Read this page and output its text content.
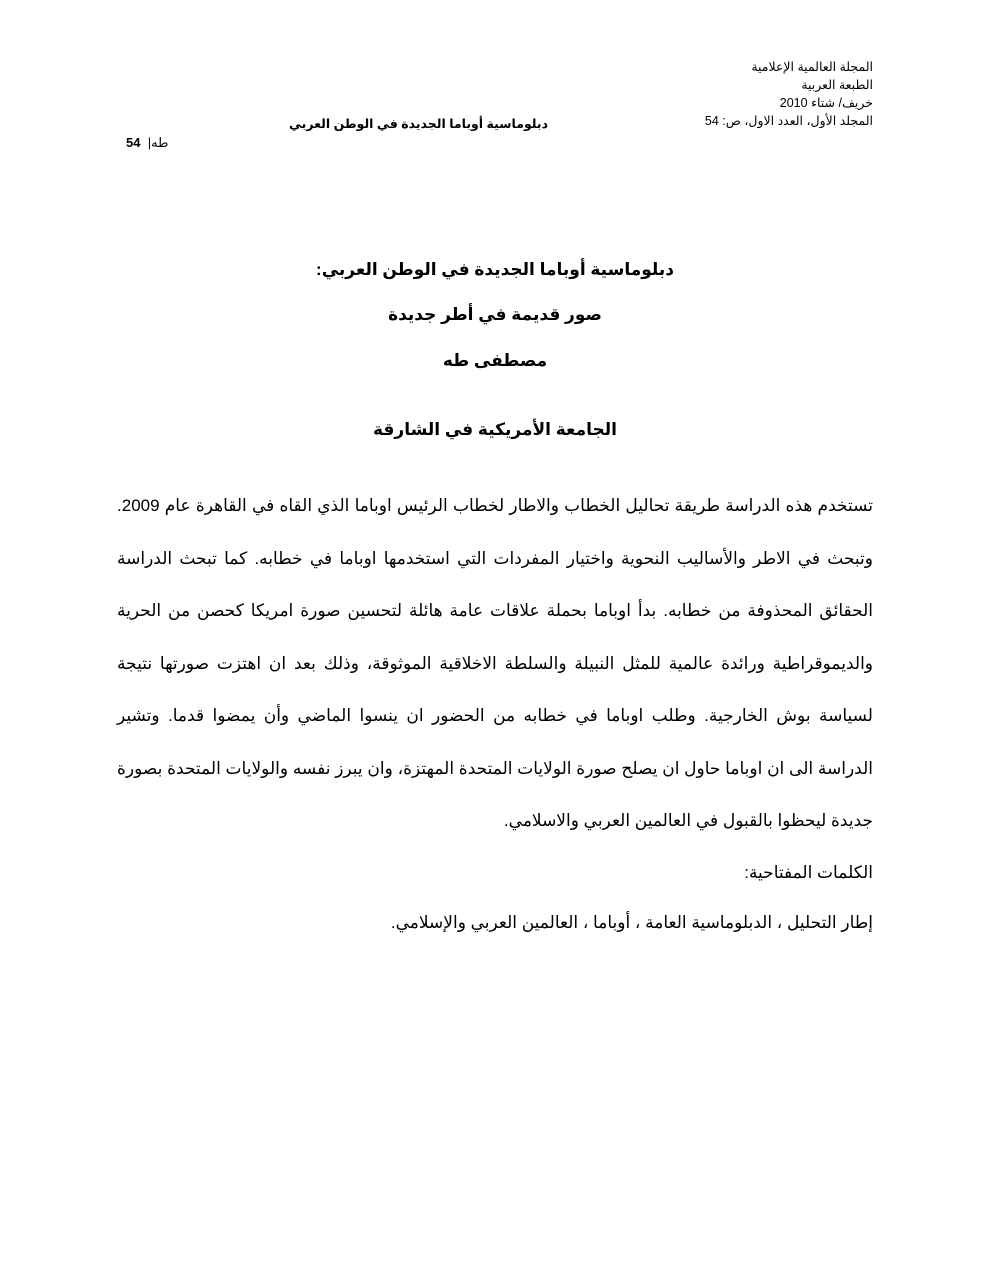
المجلة العالمية الإعلامية
الطبعة العربية
خريف/ شتاء 2010
المجلد الأول، العدد الاول، ص: 54
دبلوماسية أوباما الجديدة في الوطن العربي
54  |طه
دبلوماسية أوباما الجديدة في الوطن العربي:
صور قديمة في أطر جديدة
مصطفى طه
الجامعة الأمريكية في الشارقة
تستخدم هذه الدراسة طريقة تحاليل الخطاب والاطار لخطاب الرئيس اوباما الذي القاه في القاهرة عام 2009. وتبحث في الاطر والأساليب النحوية واختيار المفردات التي استخدمها اوباما في خطابه. كما تبحث الدراسة الحقائق المحذوفة من خطابه. بدأ اوباما بحملة علاقات عامة هائلة لتحسين صورة امريكا كحصن من الحرية والديموقراطية ورائدة عالمية للمثل النبيلة والسلطة الاخلاقية الموثوقة، وذلك بعد ان اهتزت صورتها نتيجة لسياسة بوش الخارجية. وطلب اوباما في خطابه من الحضور ان ينسوا الماضي وأن يمضوا قدما. وتشير الدراسة الى ان اوباما حاول ان يصلح صورة الولايات المتحدة المهتزة، وان يبرز نفسه والولايات المتحدة بصورة جديدة ليحظوا بالقبول في العالمين العربي والاسلامي.
الكلمات المفتاحية:
إطار التحليل ، الدبلوماسية العامة ، أوباما ، العالمين العربي والإسلامي.
